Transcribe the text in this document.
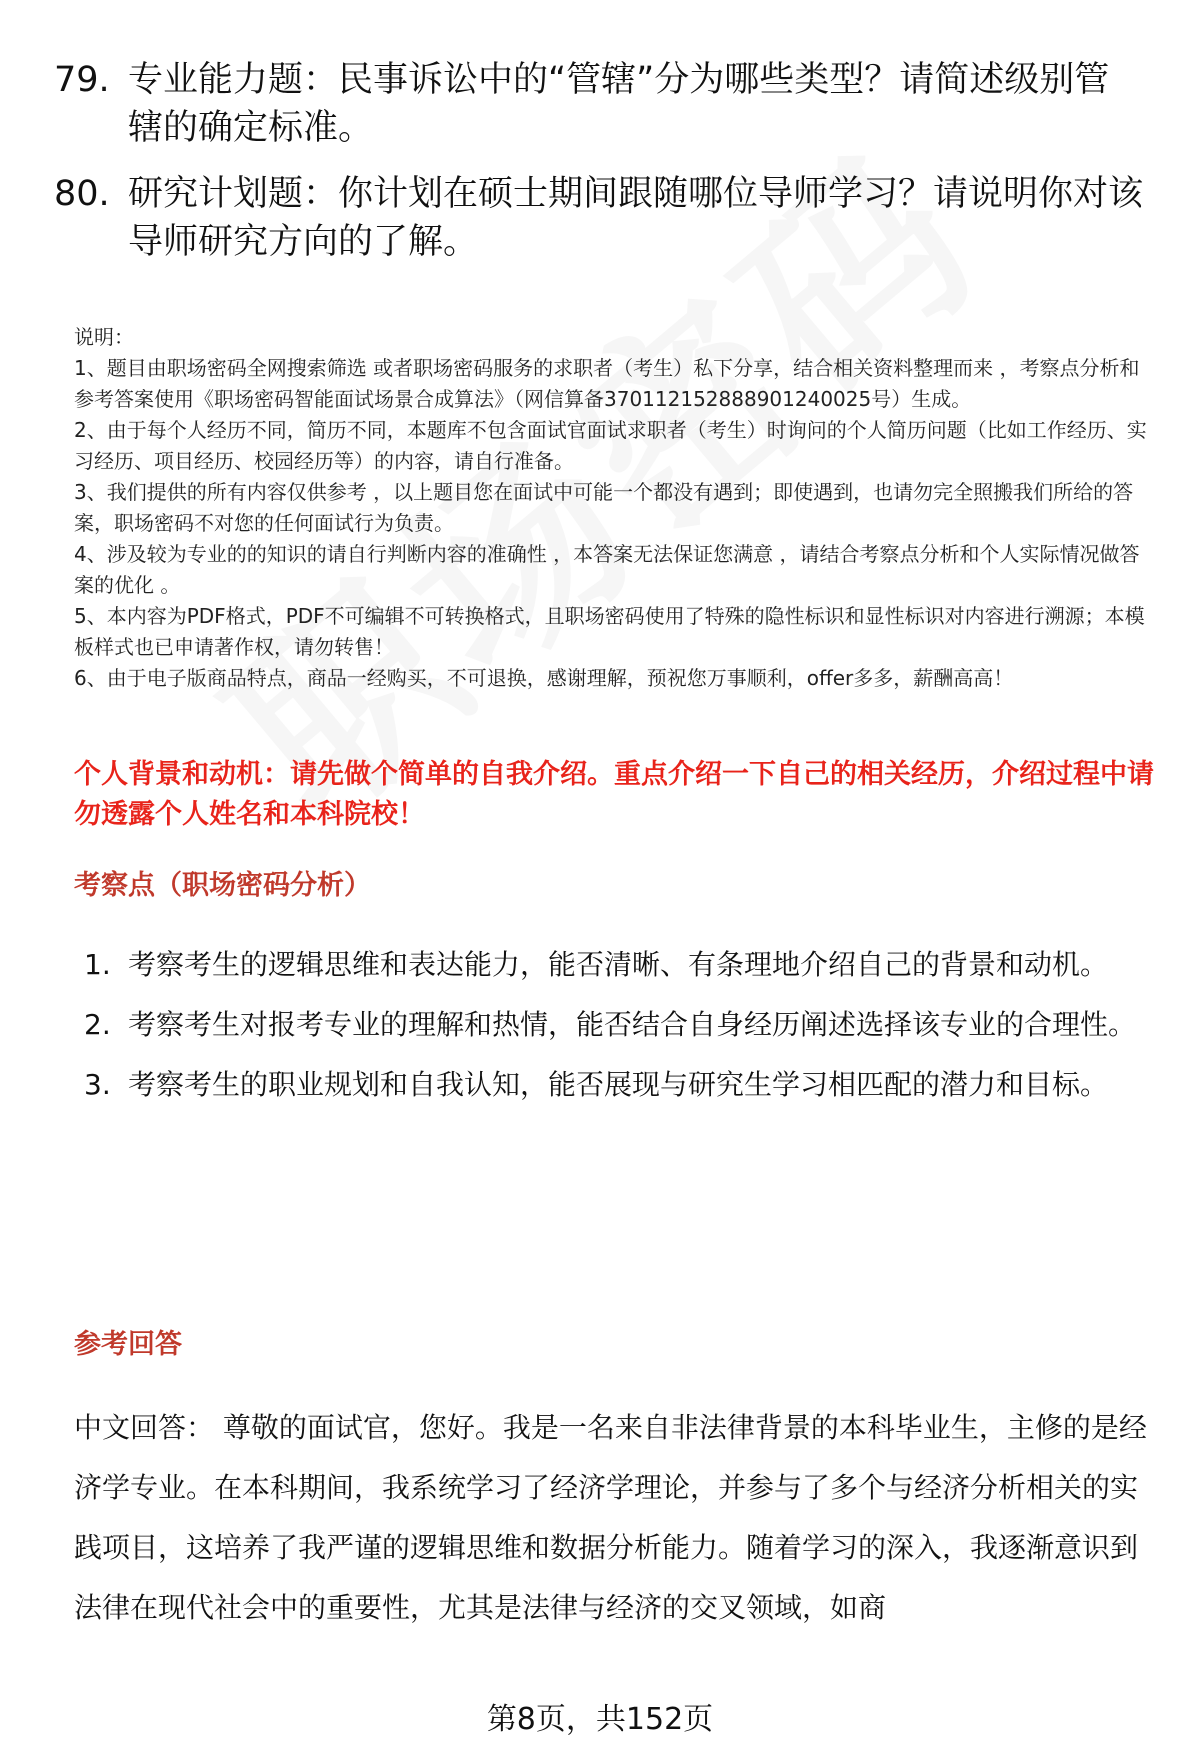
79. 专业能力题：民事诉讼中的“管辖”分为哪些类型？请简述级别管辖的确定标准。
80. 研究计划题：你计划在硕士期间跟随哪位导师学习？请说明你对该导师研究方向的了解。

说明：

1、题目由职场密码全网搜索筛选 或者职场密码服务的求职者（考生）私下分享，结合相关资料整理而来 ，考察点分析和参考答案使用《职场密码智能面试场景合成算法》（网信算备370112152888901240025号）生成。

2、由于每个人经历不同，简历不同，本题库不包含面试官面试求职者（考生）时询问的个人简历问题（比如工作经历、实习经历、项目经历、校园经历等）的内容，请自行准备。

3、我们提供的所有内容仅供参考 ，以上题目您在面试中可能一个都没有遇到；即使遇到，也请勿完全照搬我们所给的答案，职场密码不对您的任何面试行为负责。

4、涉及较为专业的的知识的请自行判断内容的准确性 ，本答案无法保证您满意 ，请结合考察点分析和个人实际情况做答案的优化 。

5、本内容为PDF格式，PDF不可编辑不可转换格式，且职场密码使用了特殊的隐性标识和显性标识对内容进行溯源；本模板样式也已申请著作权，请勿转售！

6、由于电子版商品特点，商品一经购买，不可退换，感谢理解，预祝您万事顺利，offer多多，薪酬高高！

个人背景和动机：请先做个简单的自我介绍。重点介绍一下自己的相关经历，介绍过程中请勿透露个人姓名和本科院校！
考察点（职场密码分析）
1. 考察考生的逻辑思维和表达能力，能否清晰、有条理地介绍自己的背景和动机。
2. 考察考生对报考专业的理解和热情，能否结合自身经历阐述选择该专业的合理性。
3. 考察考生的职业规划和自我认知，能否展现与研究生学习相匹配的潜力和目标。
参考回答
中文回答： 尊敬的面试官，您好。我是一名来自非法律背景的本科毕业生，主修的是经济学专业。在本科期间，我系统学习了经济学理论，并参与了多个与经济分析相关的实践项目，这培养了我严谨的逻辑思维和数据分析能力。随着学习的深入，我逐渐意识到法律在现代社会中的重要性，尤其是法律与经济的交叉领域，如商
第8页，共152页
